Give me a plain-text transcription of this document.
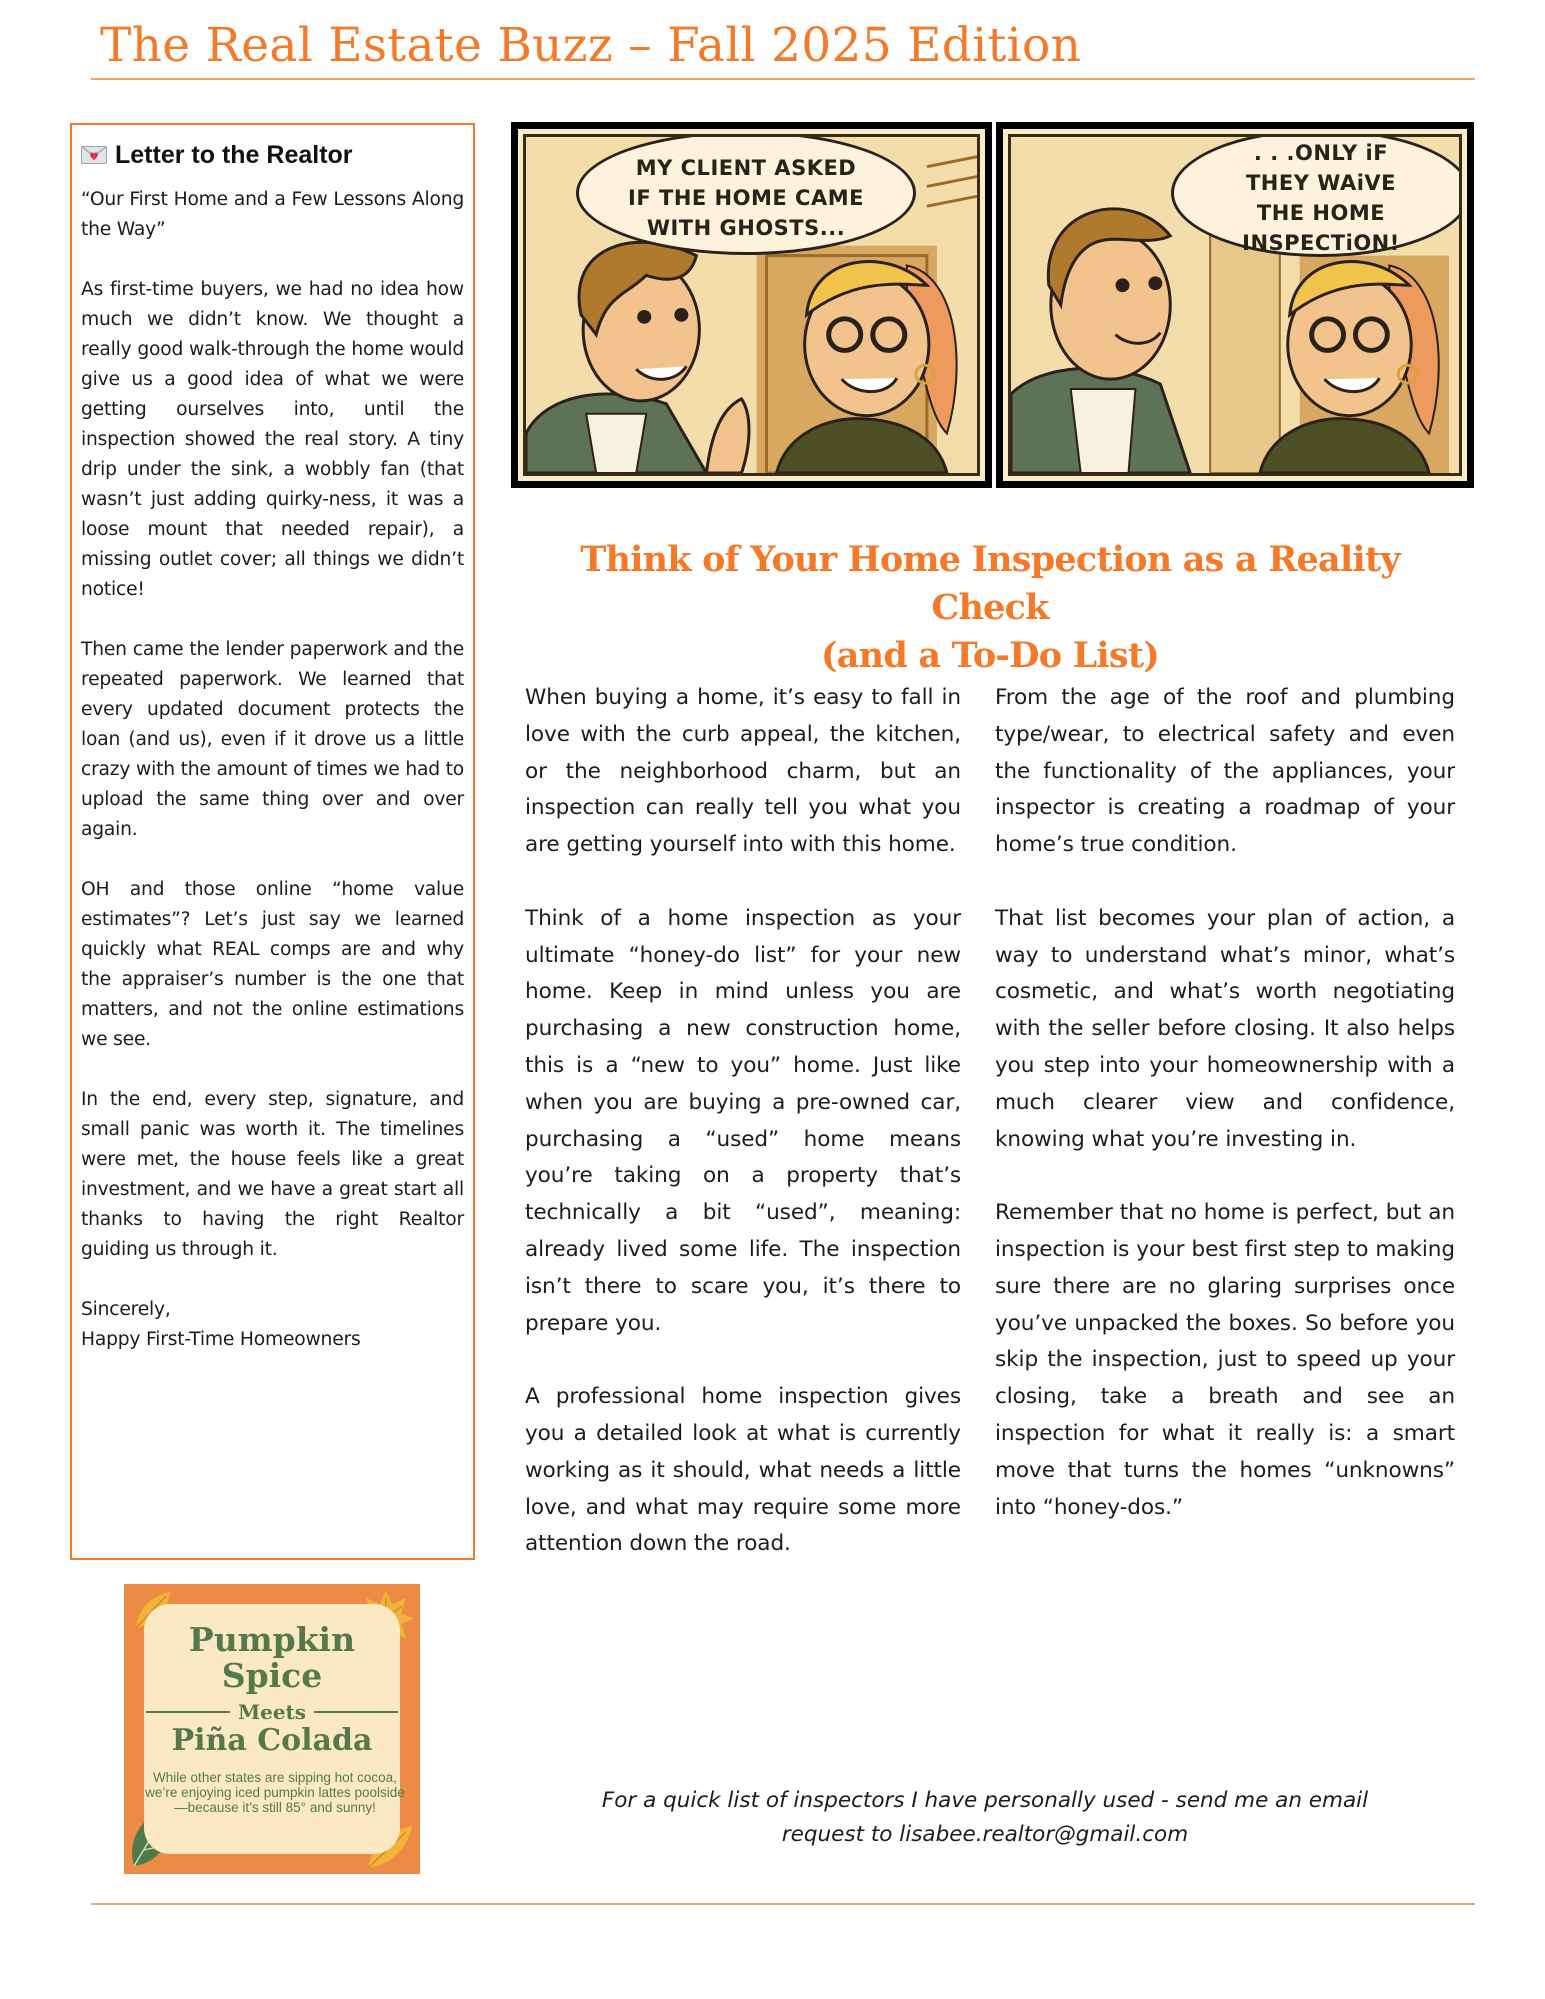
The Real Estate Buzz – Fall 2025 Edition
Letter to the Realtor

“Our First Home and a Few Lessons Along the Way”

As first-time buyers, we had no idea how much we didn’t know. We thought a really good walk-through the home would give us a good idea of what we were getting ourselves into, until the inspection showed the real story. A tiny drip under the sink, a wobbly fan (that wasn’t just adding quirky-ness, it was a loose mount that needed repair), a missing outlet cover; all things we didn’t notice!

Then came the lender paperwork and the repeated paperwork. We learned that every updated document protects the loan (and us), even if it drove us a little crazy with the amount of times we had to upload the same thing over and over again.

OH and those online “home value estimates”? Let’s just say we learned quickly what REAL comps are and why the appraiser’s number is the one that matters, and not the online estimations we see.

In the end, every step, signature, and small panic was worth it. The timelines were met, the house feels like a great investment, and we have a great start all thanks to having the right Realtor guiding us through it.

Sincerely,

Happy First-Time Homeowners

Pumpkin
Spice
Meets
Piña Colada
While other states are sipping hot cocoa, we’re enjoying iced pumpkin lattes poolside —because it’s still 85° and sunny!
MY CLIENT ASKED IF THE HOME CAME WITH GHOSTS...
. . .ONLY iF THEY WAiVE THE HOME INSPECTiON!
Think of Your Home Inspection as a Reality Check
(and a To-Do List)

When buying a home, it’s easy to fall in love with the curb appeal, the kitchen, or the neighborhood charm, but an inspection can really tell you what you are getting yourself into with this home.

Think of a home inspection as your ultimate “honey-do list” for your new home. Keep in mind unless you are purchasing a new construction home, this is a “new to you” home. Just like when you are buying a pre-owned car, purchasing a “used” home means you’re taking on a property that’s technically a bit “used”, meaning: already lived some life. The inspection isn’t there to scare you, it’s there to prepare you.

A professional home inspection gives you a detailed look at what is currently working as it should, what needs a little love, and what may require some more attention down the road.

From the age of the roof and plumbing type/wear, to electrical safety and even the functionality of the appliances, your inspector is creating a roadmap of your home’s true condition.

That list becomes your plan of action, a way to understand what’s minor, what’s cosmetic, and what’s worth negotiating with the seller before closing. It also helps you step into your homeownership with a much clearer view and confidence, knowing what you’re investing in.

Remember that no home is perfect, but an inspection is your best first step to making sure there are no glaring surprises once you’ve unpacked the boxes. So before you skip the inspection, just to speed up your closing, take a breath and see an inspection for what it really is: a smart move that turns the homes “unknowns” into “honey-dos.”

For a quick list of inspectors I have personally used - send me an email
request to lisabee.realtor@gmail.com
